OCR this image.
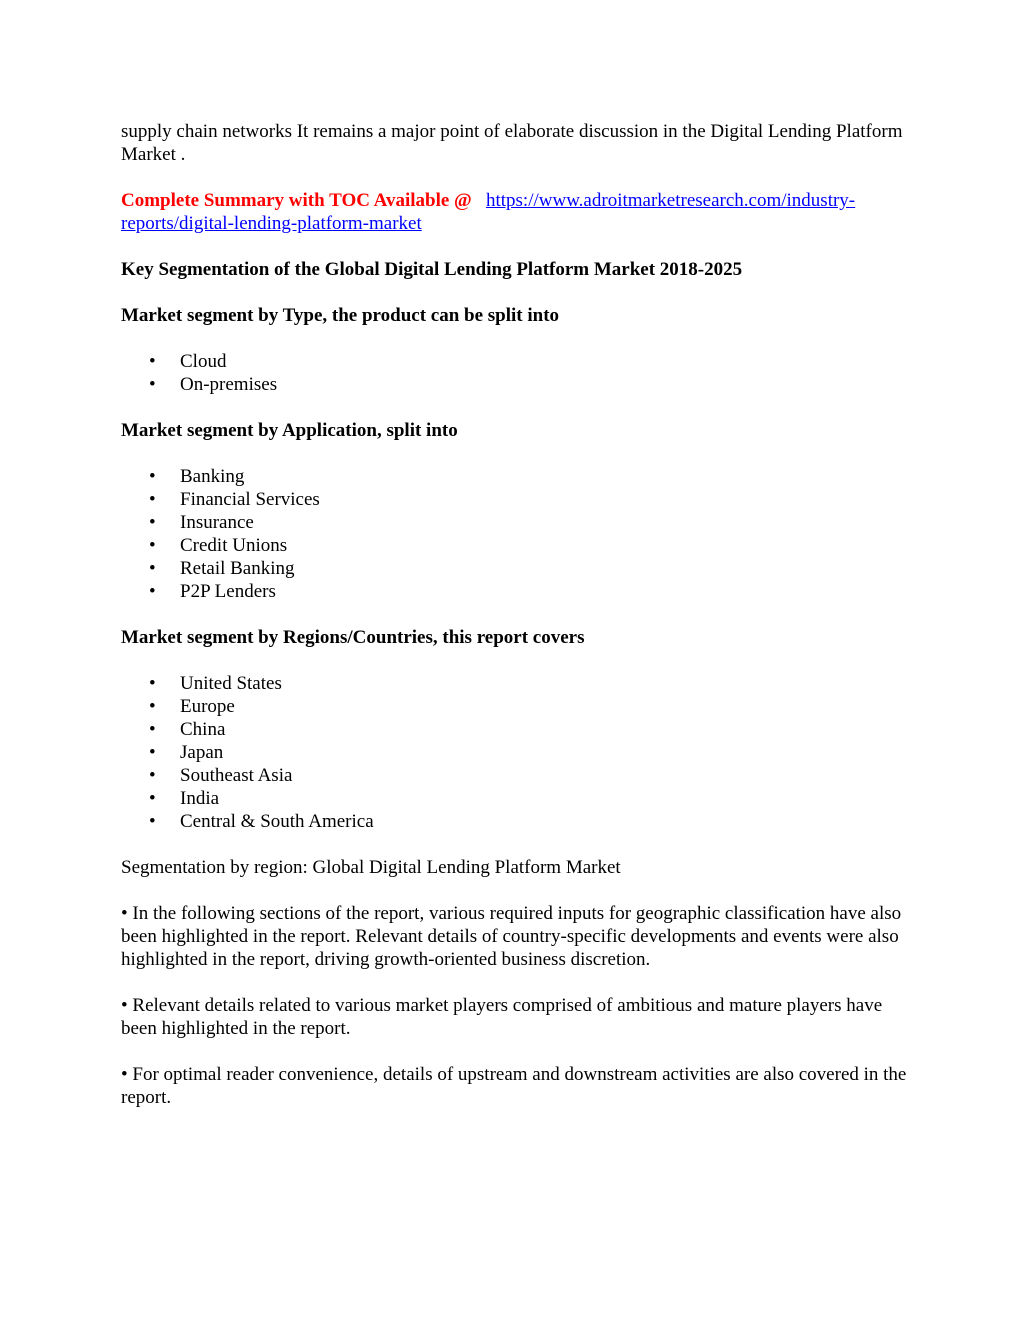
supply chain networks It remains a major point of elaborate discussion in the Digital Lending Platform Market .

Complete Summary with TOC Available @ https://www.adroitmarketresearch.com/industry-reports/digital-lending-platform-market

Key Segmentation of the Global Digital Lending Platform Market 2018-2025

Market segment by Type, the product can be split into

• Cloud
• On-premises

Market segment by Application, split into

• Banking
• Financial Services
• Insurance
• Credit Unions
• Retail Banking
• P2P Lenders

Market segment by Regions/Countries, this report covers

• United States
• Europe
• China
• Japan
• Southeast Asia
• India
• Central & South America

Segmentation by region: Global Digital Lending Platform Market

• In the following sections of the report, various required inputs for geographic classification have also been highlighted in the report. Relevant details of country-specific developments and events were also highlighted in the report, driving growth-oriented business discretion.

• Relevant details related to various market players comprised of ambitious and mature players have been highlighted in the report.

• For optimal reader convenience, details of upstream and downstream activities are also covered in the report.
